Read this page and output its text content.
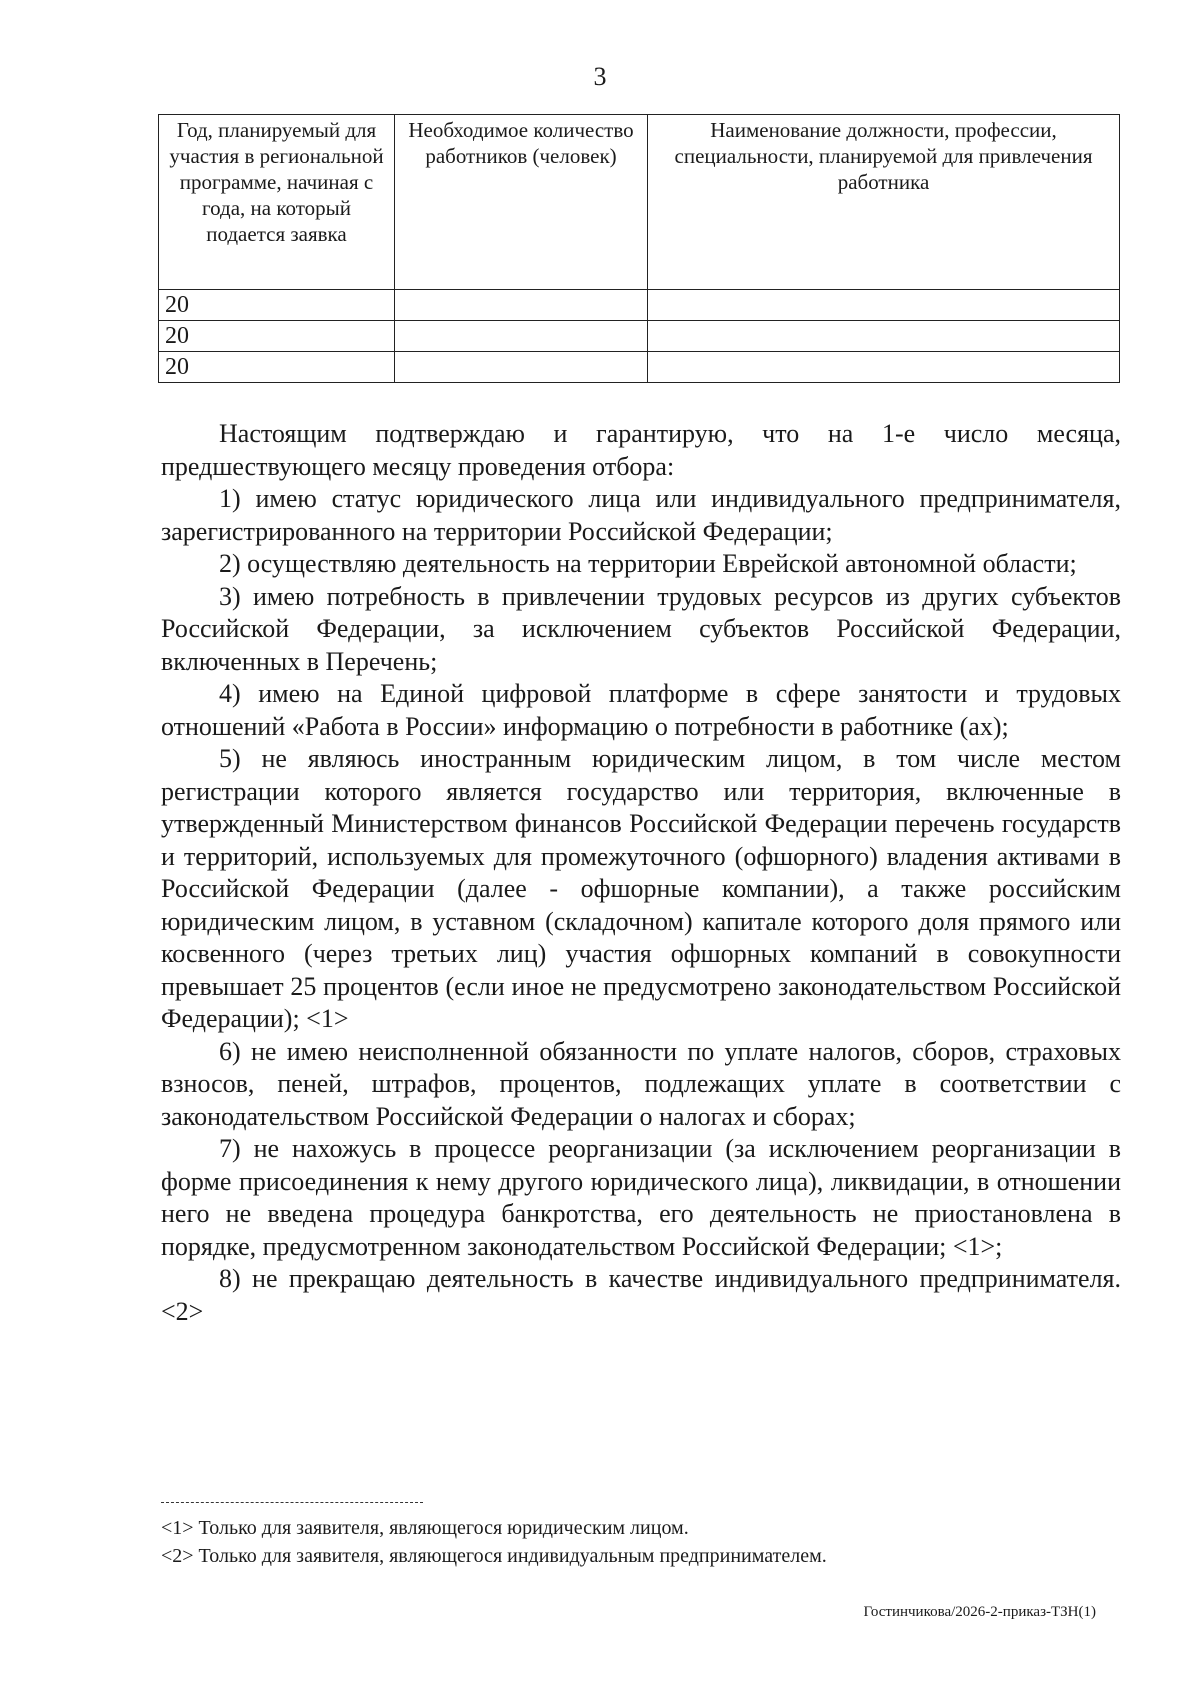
3
Год, планируемый для участия в региональной программе, начиная с года, на который подается заявка	Необходимое количество работников (человек)	Наименование должности, профессии, специальности, планируемой для привлечения работника
20		
20		
20		

Настоящим подтверждаю и гарантирую, что на 1-е число месяца, предшествующего месяцу проведения отбора:

1) имею статус юридического лица или индивидуального предпринимателя, зарегистрированного на территории Российской Федерации;

2) осуществляю деятельность на территории Еврейской автономной области;

3) имею потребность в привлечении трудовых ресурсов из других субъектов Российской Федерации, за исключением субъектов Российской Федерации, включенных в Перечень;

4) имею на Единой цифровой платформе в сфере занятости и трудовых отношений «Работа в России» информацию о потребности в работнике (ах);

5) не являюсь иностранным юридическим лицом, в том числе местом регистрации которого является государство или территория, включенные в утвержденный Министерством финансов Российской Федерации перечень государств и территорий, используемых для промежуточного (офшорного) владения активами в Российской Федерации (далее - офшорные компании), а также российским юридическим лицом, в уставном (складочном) капитале которого доля прямого или косвенного (через третьих лиц) участия офшорных компаний в совокупности превышает 25 процентов (если иное не предусмотрено законодательством Российской Федерации); <1>

6) не имею неисполненной обязанности по уплате налогов, сборов, страховых взносов, пеней, штрафов, процентов, подлежащих уплате в соответствии с законодательством Российской Федерации о налогах и сборах;

7) не нахожусь в процессе реорганизации (за исключением реорганизации в форме присоединения к нему другого юридического лица), ликвидации, в отношении него не введена процедура банкротства, его деятельность не приостановлена в порядке, предусмотренном законодательством Российской Федерации; <1>;

8) не прекращаю деятельность в качестве индивидуального предпринимателя. <2>

<1> Только для заявителя, являющегося юридическим лицом.

<2> Только для заявителя, являющегося индивидуальным предпринимателем.

Гостинчикова/2026-2-приказ-ТЗН(1)
